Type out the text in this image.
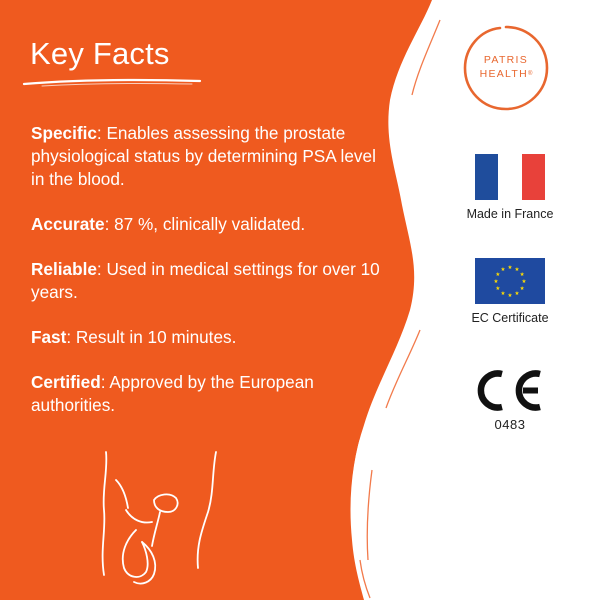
Key Facts

Specific: Enables assessing the prostate physiological status by determining PSA level in the blood.

Accurate: 87 %, clinically validated.

Reliable: Used in medical settings for over 10 years.

Fast: Result in 10 minutes.

Certified: Approved by the European authorities.

PATRIS
HEALTH®
Made in France
★ ★
★
★
★
★
★
★
★
★
★
★
EC Certificate
0483
